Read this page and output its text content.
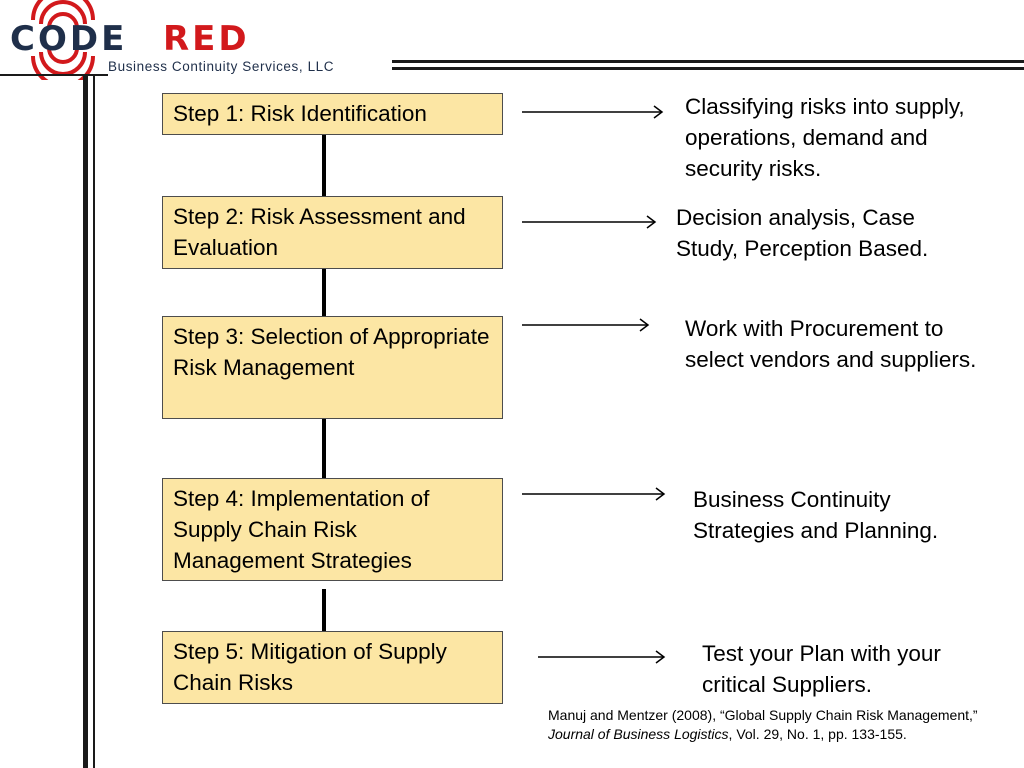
CODE RED
Business Continuity Services, LLC
Step 1: Risk Identification
Step 2: Risk Assessment and Evaluation
Step 3: Selection of Appropriate Risk Management
Step 4: Implementation of Supply Chain Risk Management Strategies
Step 5: Mitigation of Supply Chain Risks
Classifying risks into supply, operations, demand and security risks.
Decision analysis, Case Study, Perception Based.
Work with Procurement to select vendors and suppliers.
Business Continuity Strategies and Planning.
Test your Plan with your critical Suppliers.
Manuj and Mentzer (2008), “Global Supply Chain Risk Management,” Journal of Business Logistics, Vol. 29, No. 1, pp. 133-155.
